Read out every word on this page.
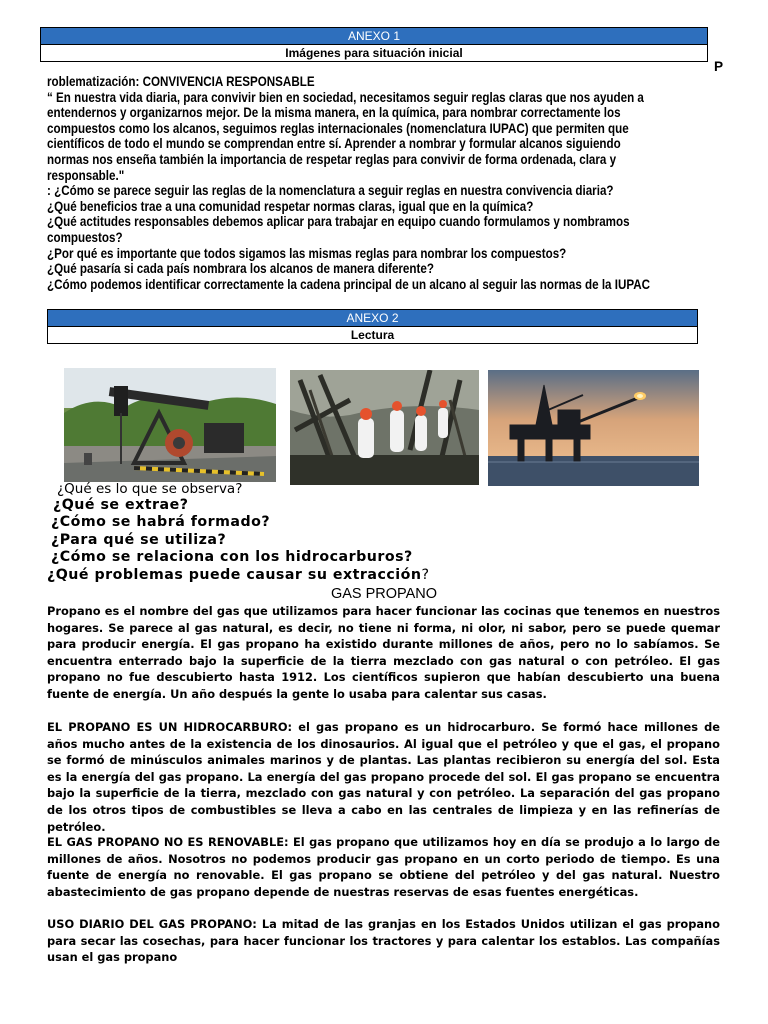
ANEXO 1
Imágenes para situación inicial
P
roblematización: CONVIVENCIA RESPONSABLE
“ En nuestra vida diaria, para convivir bien en sociedad, necesitamos seguir reglas claras que nos ayuden a
entendernos y organizarnos mejor. De la misma manera, en la química, para nombrar correctamente los
compuestos como los alcanos, seguimos reglas internacionales (nomenclatura IUPAC) que permiten que
científicos de todo el mundo se comprendan entre sí. Aprender a nombrar y formular alcanos siguiendo
normas nos enseña también la importancia de respetar reglas para convivir de forma ordenada, clara y
responsable."
: ¿Cómo se parece seguir las reglas de la nomenclatura a seguir reglas en nuestra convivencia diaria?
¿Qué beneficios trae a una comunidad respetar normas claras, igual que en la química?
¿Qué actitudes responsables debemos aplicar para trabajar en equipo cuando formulamos y nombramos
compuestos?
¿Por qué es importante que todos sigamos las mismas reglas para nombrar los compuestos?
¿Qué pasaría si cada país nombrara los alcanos de manera diferente?
¿Cómo podemos identificar correctamente la cadena principal de un alcano al seguir las normas de la IUPAC
ANEXO 2
Lectura
¿Qué es lo que se observa?
¿Qué se extrae?
¿Cómo se habrá formado?
¿Para qué se utiliza?
¿Cómo se relaciona con los hidrocarburos?
¿Qué problemas puede causar su extracción?
GAS PROPANO

Propano es el nombre del gas que utilizamos para hacer funcionar las cocinas que tenemos en nuestros hogares. Se parece al gas natural, es decir, no tiene ni forma, ni olor, ni sabor, pero se puede quemar para producir energía. El gas propano ha existido durante millones de años, pero no lo sabíamos. Se encuentra enterrado bajo la superficie de la tierra mezclado con gas natural o con petróleo. El gas propano no fue descubierto hasta 1912. Los científicos supieron que habían descubierto una buena fuente de energía. Un año después la gente lo usaba para calentar sus casas.

EL PROPANO ES UN HIDROCARBURO: el gas propano es un hidrocarburo. Se formó hace millones de años mucho antes de la existencia de los dinosaurios. Al igual que el petróleo y que el gas, el propano se formó de minúsculos animales marinos y de plantas. Las plantas recibieron su energía del sol. Esta es la energía del gas propano. La energía del gas propano procede del sol. El gas propano se encuentra bajo la superficie de la tierra, mezclado con gas natural y con petróleo. La separación del gas propano de los otros tipos de combustibles se lleva a cabo en las centrales de limpieza y en las refinerías de petróleo.

EL GAS PROPANO NO ES RENOVABLE: El gas propano que utilizamos hoy en día se produjo a lo largo de millones de años. Nosotros no podemos producir gas propano en un corto periodo de tiempo. Es una fuente de energía no renovable. El gas propano se obtiene del petróleo y del gas natural. Nuestro abastecimiento de gas propano depende de nuestras reservas de esas fuentes energéticas.

USO DIARIO DEL GAS PROPANO: La mitad de las granjas en los Estados Unidos utilizan el gas propano para secar las cosechas, para hacer funcionar los tractores y para calentar los establos. Las compañías usan el gas propano
